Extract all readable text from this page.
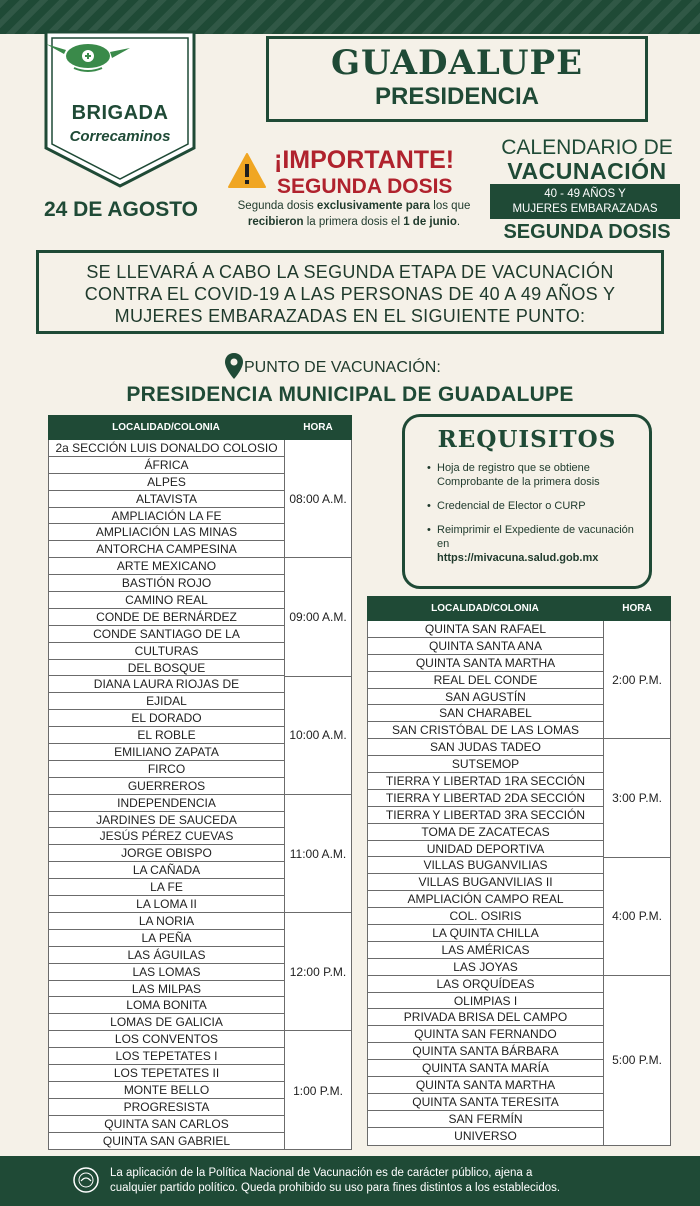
BRIGADA
Correcaminos
24 DE AGOSTO
GUADALUPE
PRESIDENCIA
¡IMPORTANTE!
SEGUNDA DOSIS
Segunda dosis exclusivamente para los que
recibieron la primera dosis el 1 de junio.
CALENDARIO DE
VACUNACIÓN
40 - 49 AÑOS Y
MUJERES EMBARAZADAS
SEGUNDA DOSIS
SE LLEVARÁ A CABO LA SEGUNDA ETAPA DE VACUNACIÓN
CONTRA EL COVID-19 A LAS PERSONAS DE 40 A 49 AÑOS Y
MUJERES EMBARAZADAS EN EL SIGUIENTE PUNTO:
PUNTO DE VACUNACIÓN:
PRESIDENCIA MUNICIPAL DE GUADALUPE
LOCALIDAD/COLONIA	HORA
2a SECCIÓN LUIS DONALDO COLOSIO
ÁFRICA
ALPES
ALTAVISTA
AMPLIACIÓN LA FE
AMPLIACIÓN LAS MINAS
ANTORCHA CAMPESINA
ARTE MEXICANO
BASTIÓN ROJO
CAMINO REAL
CONDE DE BERNÁRDEZ
CONDE SANTIAGO DE LA
CULTURAS
DEL BOSQUE
DIANA LAURA RIOJAS DE
EJIDAL
EL DORADO
EL ROBLE
EMILIANO ZAPATA
FIRCO
GUERREROS
INDEPENDENCIA
JARDINES DE SAUCEDA
JESÚS PÉREZ CUEVAS
JORGE OBISPO
LA CAÑADA
LA FE
LA LOMA II
LA NORIA
LA PEÑA
LAS ÁGUILAS
LAS LOMAS
LAS MILPAS
LOMA BONITA
LOMAS DE GALICIA
LOS CONVENTOS
LOS TEPETATES I
LOS TEPETATES II
MONTE BELLO
PROGRESISTA
QUINTA SAN CARLOS
QUINTA SAN GABRIEL
08:00 A.M.
09:00 A.M.
10:00 A.M.
11:00 A.M.
12:00 P.M.
1:00 P.M.
REQUISITOS
• Hoja de registro que se obtiene Comprobante de la primera dosis
• Credencial de Elector o CURP
• Reimprimir el Expediente de vacunación en
https://mivacuna.salud.gob.mx
LOCALIDAD/COLONIA	HORA
QUINTA SAN RAFAEL
QUINTA SANTA ANA
QUINTA SANTA MARTHA
REAL DEL CONDE
SAN AGUSTÍN
SAN CHARABEL
SAN CRISTÓBAL DE LAS LOMAS
SAN JUDAS TADEO
SUTSEMOP
TIERRA Y LIBERTAD 1RA SECCIÓN
TIERRA Y LIBERTAD 2DA SECCIÓN
TIERRA Y LIBERTAD 3RA SECCIÓN
TOMA DE ZACATECAS
UNIDAD DEPORTIVA
VILLAS BUGANVILIAS
VILLAS BUGANVILIAS II
AMPLIACIÓN CAMPO REAL
COL. OSIRIS
LA QUINTA CHILLA
LAS AMÉRICAS
LAS JOYAS
LAS ORQUÍDEAS
OLIMPIAS I
PRIVADA BRISA DEL CAMPO
QUINTA SAN FERNANDO
QUINTA SANTA BÁRBARA
QUINTA SANTA MARÍA
QUINTA SANTA MARTHA
QUINTA SANTA TERESITA
SAN FERMÍN
UNIVERSO
2:00 P.M.
3:00 P.M.
4:00 P.M.
5:00 P.M.
La aplicación de la Política Nacional de Vacunación es de carácter público, ajena a
cualquier partido político. Queda prohibido su uso para fines distintos a los establecidos.
